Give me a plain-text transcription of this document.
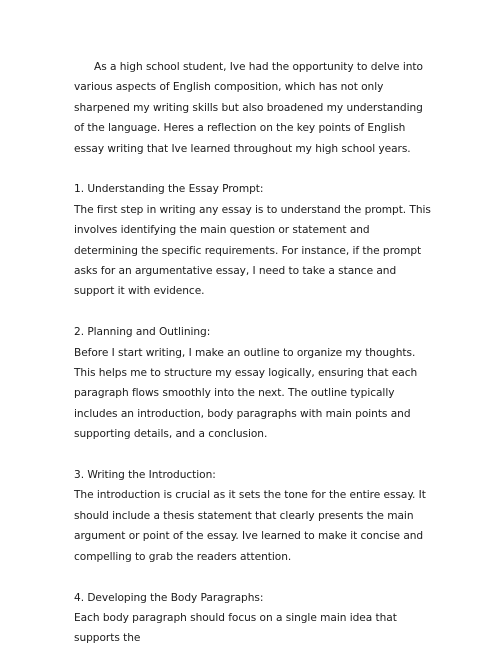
As a high school student, Ive had the opportunity to delve into various aspects of English composition, which has not only sharpened my writing skills but also broadened my understanding of the language. Heres a reflection on the key points of English essay writing that Ive learned throughout my high school years.

1. Understanding the Essay Prompt:
The first step in writing any essay is to understand the prompt. This involves identifying the main question or statement and determining the specific requirements. For instance, if the prompt asks for an argumentative essay, I need to take a stance and support it with evidence.
2. Planning and Outlining:
Before I start writing, I make an outline to organize my thoughts. This helps me to structure my essay logically, ensuring that each paragraph flows smoothly into the next. The outline typically includes an introduction, body paragraphs with main points and supporting details, and a conclusion.
3. Writing the Introduction:
The introduction is crucial as it sets the tone for the entire essay. It should include a thesis statement that clearly presents the main argument or point of the essay. Ive learned to make it concise and compelling to grab the readers attention.
4. Developing the Body Paragraphs:
Each body paragraph should focus on a single main idea that supports the
